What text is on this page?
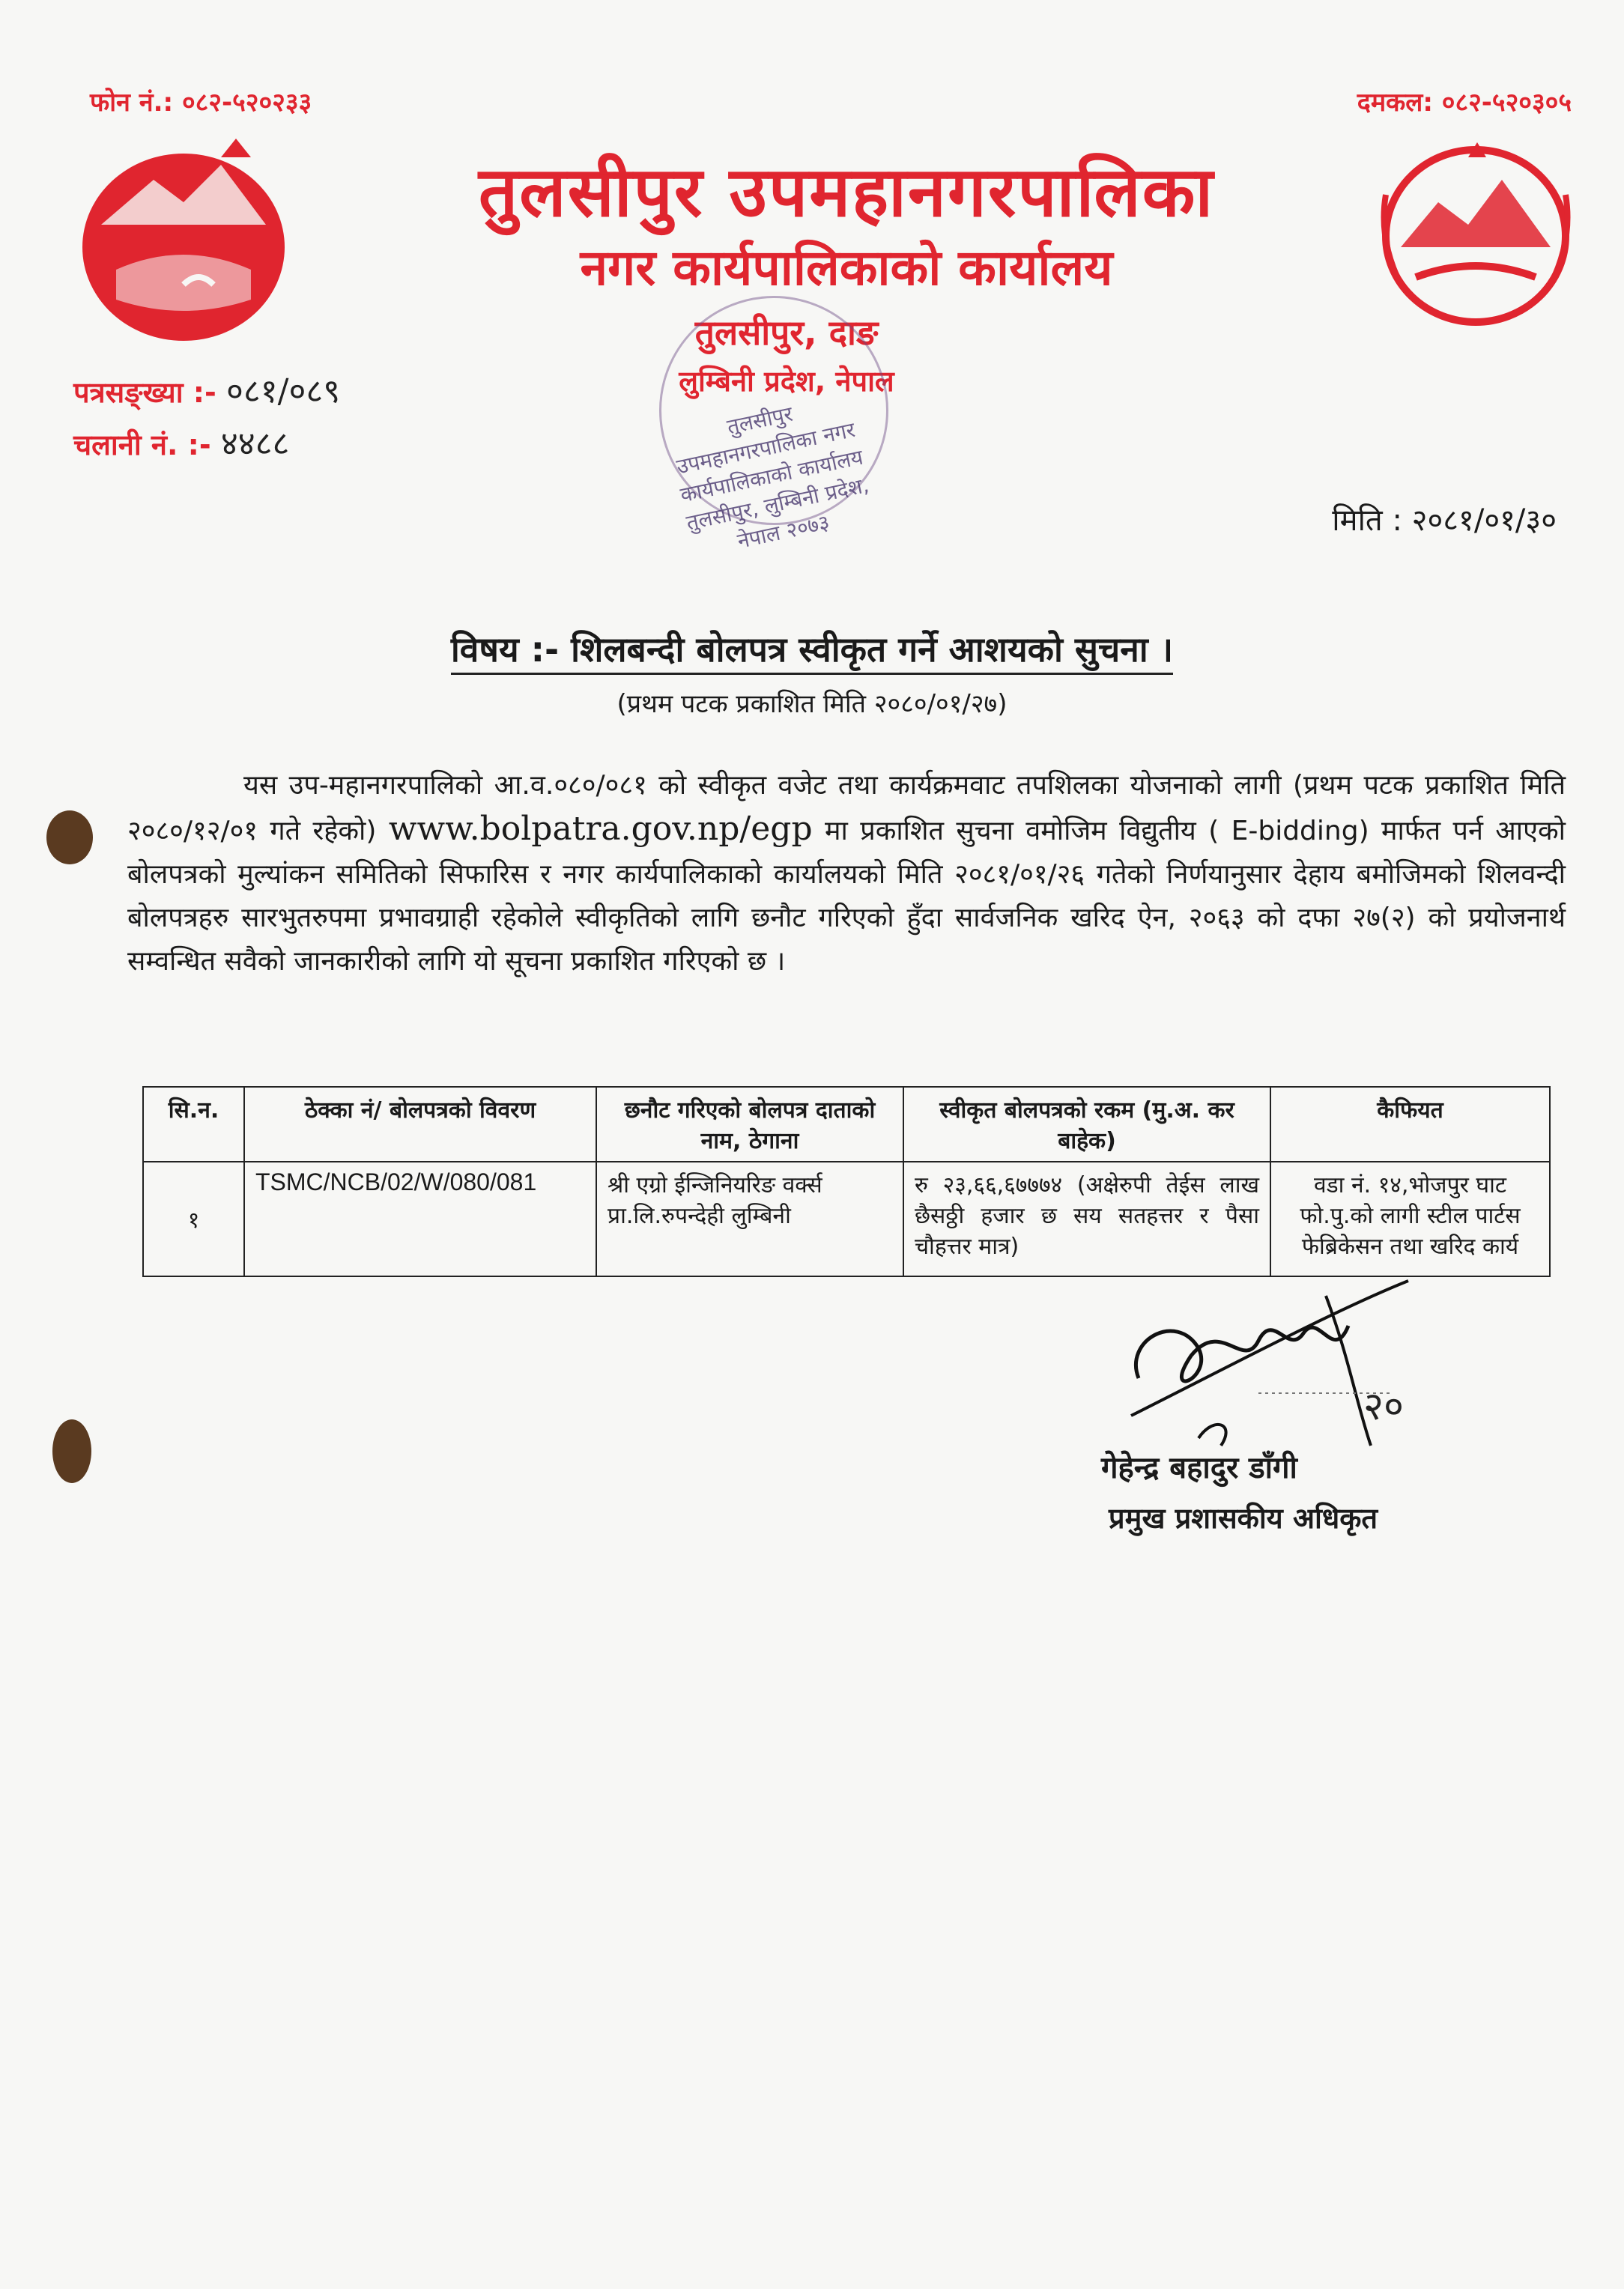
फोन नं.: ०८२-५२०२३३	दमकल: ०८२-५२०३०५
तुलसीपुर उपमहानगरपालिका
नगर कार्यपालिकाको कार्यालय
तुलसीपुर, दाङ
लुम्बिनी प्रदेश, नेपाल
तुलसीपुर उपमहानगरपालिका नगर कार्यपालिकाको कार्यालय तुलसीपुर, लुम्बिनी प्रदेश, नेपाल २०७३
पत्रसङ्ख्या :- ०८१/०८९
चलानी नं. :- ४४८८
मिति : २०८१/०१/३०
विषय :- शिलबन्दी बोलपत्र स्वीकृत गर्ने आशयको सुचना ।
(प्रथम पटक प्रकाशित मिति २०८०/०१/२७)
यस उप-महानगरपालिको आ.व.०८०/०८१ को स्वीकृत वजेट तथा कार्यक्रमवाट तपशिलका योजनाको लागी (प्रथम पटक प्रकाशित मिति २०८०/१२/०१ गते रहेको) www.bolpatra.gov.np/egp मा प्रकाशित सुचना वमोजिम विद्युतीय ( E-bidding) मार्फत पर्न आएको बोलपत्रको मुल्यांकन समितिको सिफारिस र नगर कार्यपालिकाको कार्यालयको मिति २०८१/०१/२६ गतेको निर्णयानुसार देहाय बमोजिमको शिलवन्दी बोलपत्रहरु सारभुतरुपमा प्रभावग्राही रहेकोले स्वीकृतिको लागि छनौट गरिएको हुँदा सार्वजनिक खरिद ऐन, २०६३ को दफा २७(२) को प्रयोजनार्थ सम्वन्धित सवैको जानकारीको लागि यो सूचना प्रकाशित गरिएको छ ।
सि.न.	ठेक्का नं/ बोलपत्रको विवरण	छनौट गरिएको बोलपत्र दाताको नाम, ठेगाना	स्वीकृत बोलपत्रको रकम (मु.अ. कर बाहेक)	कैफियत
१	TSMC/NCB/02/W/080/081	श्री एग्रो ईन्जिनियरिङ वर्क्स प्रा.लि.रुपन्देही लुम्बिनी	रु २३,६६,६७७७४ (अक्षेरुपी तेईस लाख छैसठ्ठी हजार छ सय सतहत्तर र पैसा चौहत्तर मात्र)	वडा नं. १४,भोजपुर घाट फो.पु.को लागी स्टील पार्टस फेब्रिकेसन तथा खरिद कार्य
२०
गेहेन्द्र बहादुर डाँगी
प्रमुख प्रशासकीय अधिकृत
